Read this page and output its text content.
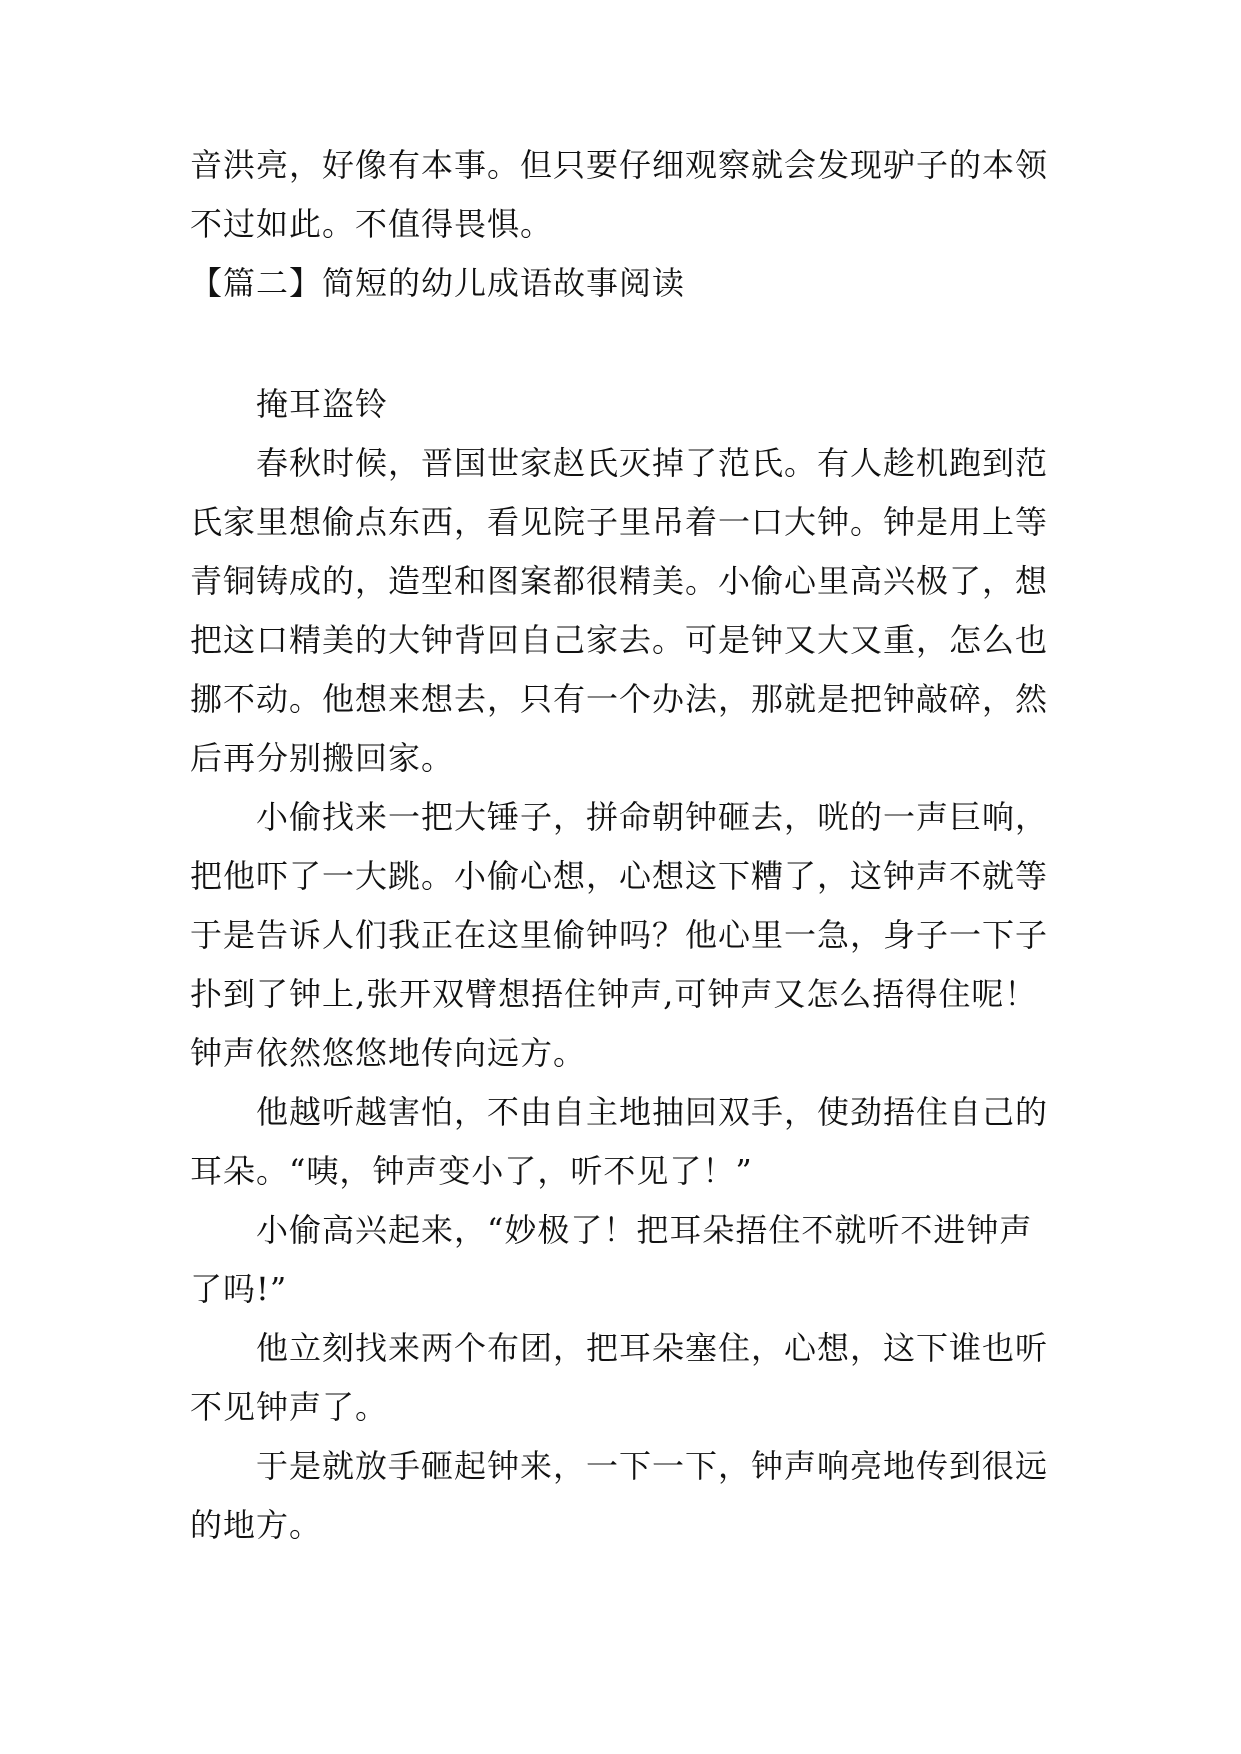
音洪亮，好像有本事。但只要仔细观察就会发现驴子的本领
不过如此。不值得畏惧。
【篇二】简短的幼儿成语故事阅读
掩耳盗铃
春秋时候，晋国世家赵氏灭掉了范氏。有人趁机跑到范
氏家里想偷点东西，看见院子里吊着一口大钟。钟是用上等
青铜铸成的，造型和图案都很精美。小偷心里高兴极了，想
把这口精美的大钟背回自己家去。可是钟又大又重，怎么也
挪不动。他想来想去，只有一个办法，那就是把钟敲碎，然
后再分别搬回家。
小偷找来一把大锤子，拼命朝钟砸去，咣的一声巨响，
把他吓了一大跳。小偷心想，心想这下糟了，这钟声不就等
于是告诉人们我正在这里偷钟吗？他心里一急，身子一下子
扑到了钟上,张开双臂想捂住钟声,可钟声又怎么捂得住呢！
钟声依然悠悠地传向远方。
他越听越害怕，不由自主地抽回双手，使劲捂住自己的
耳朵。“咦，钟声变小了，听不见了！”
小偷高兴起来，“妙极了！把耳朵捂住不就听不进钟声
了吗!”
他立刻找来两个布团，把耳朵塞住，心想，这下谁也听
不见钟声了。
于是就放手砸起钟来，一下一下，钟声响亮地传到很远
的地方。
